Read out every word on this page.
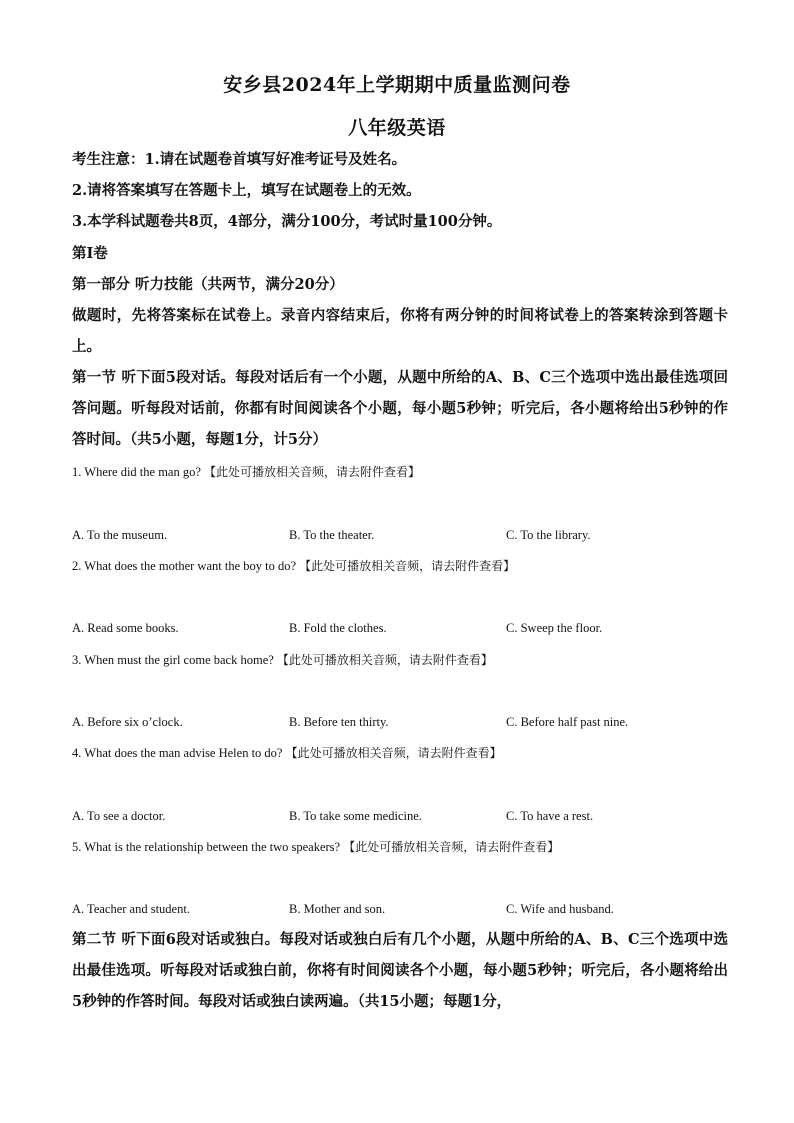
安乡县2024年上学期期中质量监测问卷
八年级英语
考生注意：1.请在试题卷首填写好准考证号及姓名。
2.请将答案填写在答题卡上，填写在试题卷上的无效。
3.本学科试题卷共8页，4部分，满分100分，考试时量100分钟。
第I卷
第一部分 听力技能（共两节，满分20分）
做题时，先将答案标在试卷上。录音内容结束后，你将有两分钟的时间将试卷上的答案转涂到答题卡上。
第一节 听下面5段对话。每段对话后有一个小题，从题中所给的A、B、C三个选项中选出最佳选项回答问题。听每段对话前，你都有时间阅读各个小题，每小题5秒钟；听完后，各小题将给出5秒钟的作答时间。（共5小题，每题1分，计5分）
1. Where did the man go? 【此处可播放相关音频，请去附件查看】
A. To the museum.	B. To the theater.	C. To the library.
2. What does the mother want the boy to do? 【此处可播放相关音频，请去附件查看】
A. Read some books.	B. Fold the clothes.	C. Sweep the floor.
3. When must the girl come back home? 【此处可播放相关音频，请去附件查看】
A. Before six o’clock.	B. Before ten thirty.	C. Before half past nine.
4. What does the man advise Helen to do? 【此处可播放相关音频，请去附件查看】
A. To see a doctor.	B. To take some medicine.	C. To have a rest.
5. What is the relationship between the two speakers? 【此处可播放相关音频，请去附件查看】
A. Teacher and student.	B. Mother and son.	C. Wife and husband.
第二节 听下面6段对话或独白。每段对话或独白后有几个小题，从题中所给的A、B、C三个选项中选出最佳选项。听每段对话或独白前，你将有时间阅读各个小题，每小题5秒钟；听完后，各小题将给出5秒钟的作答时间。每段对话或独白读两遍。（共15小题；每题1分，
